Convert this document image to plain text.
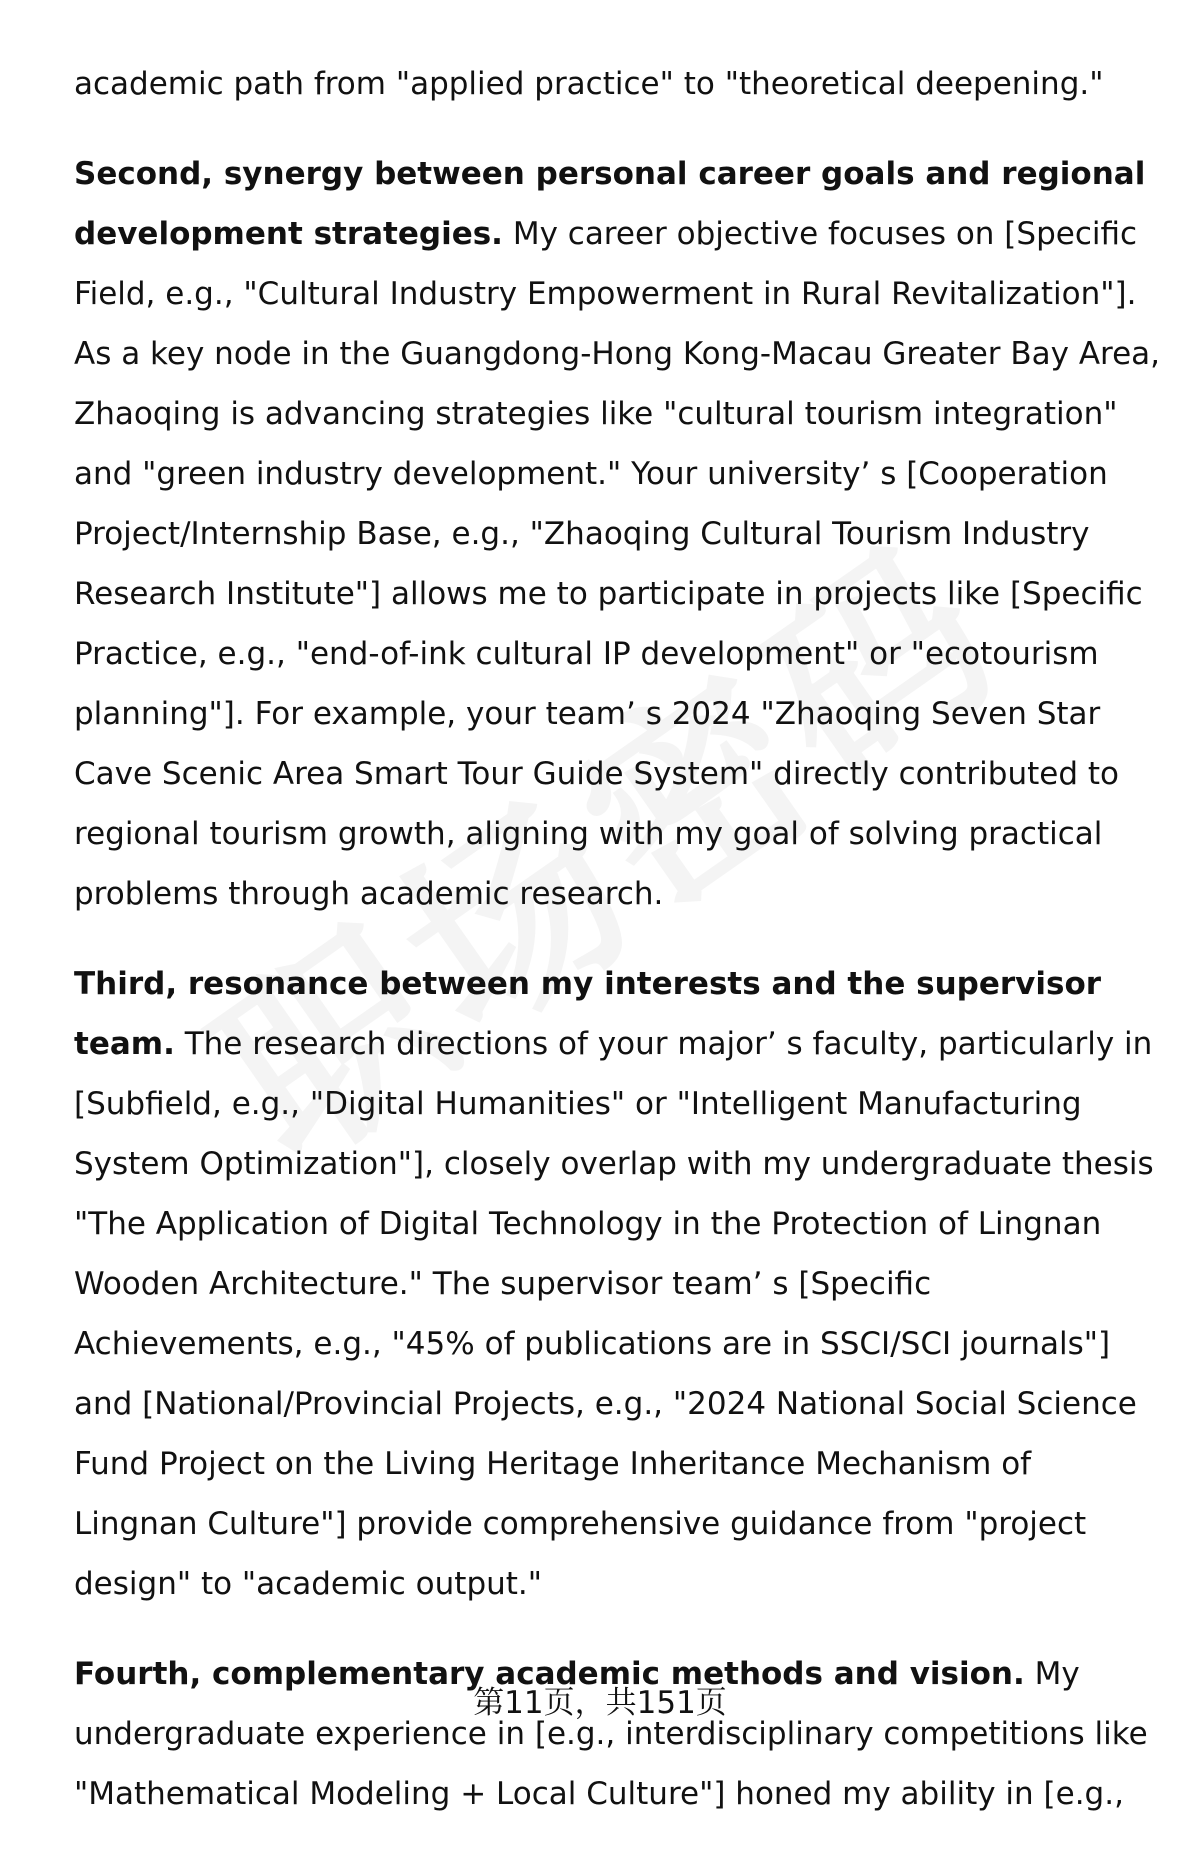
academic path from "applied practice" to "theoretical deepening."

Second, synergy between personal career goals and regional development strategies. My career objective focuses on [Specific Field, e.g., "Cultural Industry Empowerment in Rural Revitalization"]. As a key node in the Guangdong-Hong Kong-Macau Greater Bay Area, Zhaoqing is advancing strategies like "cultural tourism integration" and "green industry development." Your university’ s [Cooperation Project/Internship Base, e.g., "Zhaoqing Cultural Tourism Industry Research Institute"] allows me to participate in projects like [Specific Practice, e.g., "end-of-ink cultural IP development" or "ecotourism planning"]. For example, your team’ s 2024 "Zhaoqing Seven Star Cave Scenic Area Smart Tour Guide System" directly contributed to regional tourism growth, aligning with my goal of solving practical problems through academic research.

Third, resonance between my interests and the supervisor team. The research directions of your major’ s faculty, particularly in [Subfield, e.g., "Digital Humanities" or "Intelligent Manufacturing System Optimization"], closely overlap with my undergraduate thesis "The Application of Digital Technology in the Protection of Lingnan Wooden Architecture." The supervisor team’ s [Specific Achievements, e.g., "45% of publications are in SSCI/SCI journals"] and [National/Provincial Projects, e.g., "2024 National Social Science Fund Project on the Living Heritage Inheritance Mechanism of Lingnan Culture"] provide comprehensive guidance from "project design" to "academic output."

Fourth, complementary academic methods and vision. My undergraduate experience in [e.g., interdisciplinary competitions like "Mathematical Modeling + Local Culture"] honed my ability in [e.g.,

第11页，共151页
